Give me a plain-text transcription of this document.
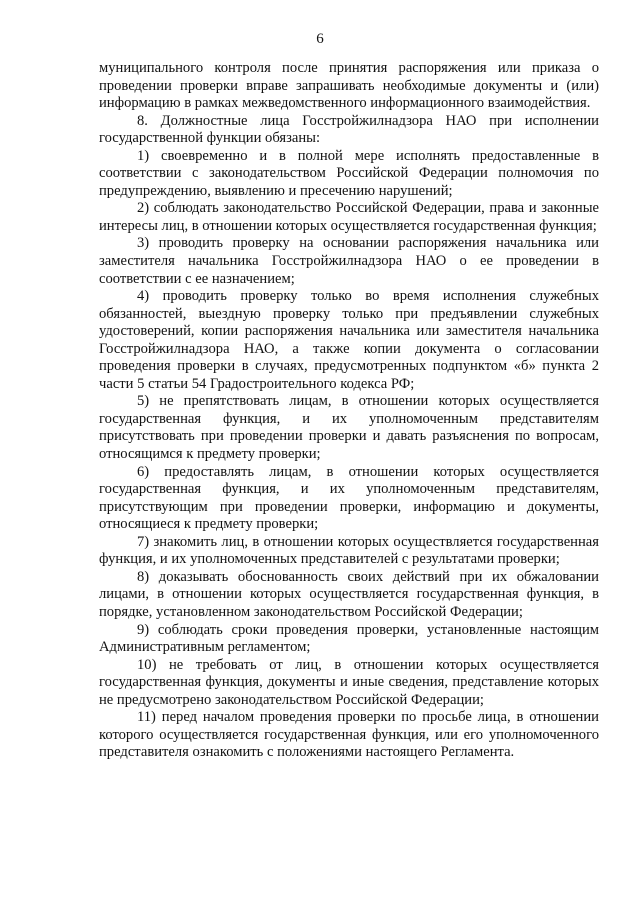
6

муниципального контроля после принятия распоряжения или приказа о проведении проверки вправе запрашивать необходимые документы и (или) информацию в рамках межведомственного информационного взаимодействия.

8. Должностные лица Госстройжилнадзора НАО при исполнении государственной функции обязаны:

1) своевременно и в полной мере исполнять предоставленные в соответствии с законодательством Российской Федерации полномочия по предупреждению, выявлению и пресечению нарушений;

2) соблюдать законодательство Российской Федерации, права и законные интересы лиц, в отношении которых осуществляется государственная функция;

3) проводить проверку на основании распоряжения начальника или заместителя начальника Госстройжилнадзора НАО о ее проведении в соответствии с ее назначением;

4) проводить проверку только во время исполнения служебных обязанностей, выездную проверку только при предъявлении служебных удостоверений, копии распоряжения начальника или заместителя начальника Госстройжилнадзора НАО, а также копии документа о согласовании проведения проверки в случаях, предусмотренных подпунктом «б» пункта 2 части 5 статьи 54 Градостроительного кодекса РФ;

5) не препятствовать лицам, в отношении которых осуществляется государственная функция, и их уполномоченным представителям присутствовать при проведении проверки и давать разъяснения по вопросам, относящимся к предмету проверки;

6) предоставлять лицам, в отношении которых осуществляется государственная функция, и их уполномоченным представителям, присутствующим при проведении проверки, информацию и документы, относящиеся к предмету проверки;

7) знакомить лиц, в отношении которых осуществляется государственная функция, и их уполномоченных представителей с результатами проверки;

8) доказывать обоснованность своих действий при их обжаловании лицами, в отношении которых осуществляется государственная функция, в порядке, установленном законодательством Российской Федерации;

9) соблюдать сроки проведения проверки, установленные настоящим Административным регламентом;

10) не требовать от лиц, в отношении которых осуществляется государственная функция, документы и иные сведения, представление которых не предусмотрено законодательством Российской Федерации;

11) перед началом проведения проверки по просьбе лица, в отношении которого осуществляется государственная функция, или его уполномоченного представителя ознакомить с положениями настоящего Регламента.
